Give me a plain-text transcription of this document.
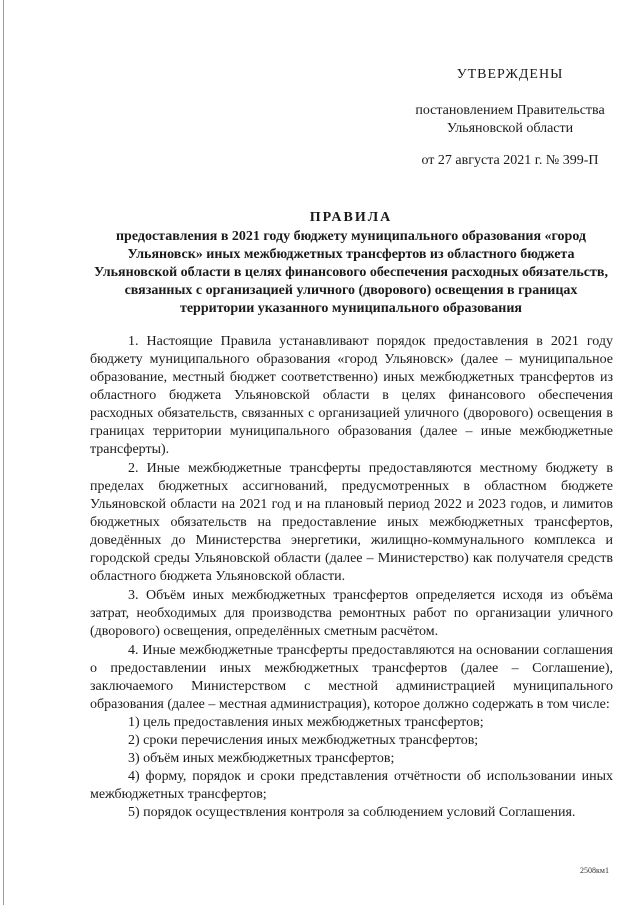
УТВЕРЖДЕНЫ
постановлением Правительства
Ульяновской области
от 27 августа 2021 г. № 399-П
ПРАВИЛА
предоставления в 2021 году бюджету муниципального образования «город Ульяновск» иных межбюджетных трансфертов из областного бюджета Ульяновской области в целях финансового обеспечения расходных обязательств, связанных с организацией уличного (дворового) освещения в границах территории указанного муниципального образования

1. Настоящие Правила устанавливают порядок предоставления в 2021 году бюджету муниципального образования «город Ульяновск» (далее – муниципальное образование, местный бюджет соответственно) иных межбюджетных трансфертов из областного бюджета Ульяновской области в целях финансового обеспечения расходных обязательств, связанных с организацией уличного (дворового) освещения в границах территории муниципального образования (далее – иные межбюджетные трансферты).

2. Иные межбюджетные трансферты предоставляются местному бюджету в пределах бюджетных ассигнований, предусмотренных в областном бюджете Ульяновской области на 2021 год и на плановый период 2022 и 2023 годов, и лимитов бюджетных обязательств на предоставление иных межбюджетных трансфертов, доведённых до Министерства энергетики, жилищно-коммунального комплекса и городской среды Ульяновской области (далее – Министерство) как получателя средств областного бюджета Ульяновской области.

3. Объём иных межбюджетных трансфертов определяется исходя из объёма затрат, необходимых для производства ремонтных работ по организации уличного (дворового) освещения, определённых сметным расчётом.

4. Иные межбюджетные трансферты предоставляются на основании соглашения о предоставлении иных межбюджетных трансфертов (далее – Соглашение), заключаемого Министерством с местной администрацией муниципального образования (далее – местная администрация), которое должно содержать в том числе:

1) цель предоставления иных межбюджетных трансфертов;

2) сроки перечисления иных межбюджетных трансфертов;

3) объём иных межбюджетных трансфертов;

4) форму, порядок и сроки представления отчётности об использовании иных межбюджетных трансфертов;

5) порядок осуществления контроля за соблюдением условий Соглашения.

2508км1
